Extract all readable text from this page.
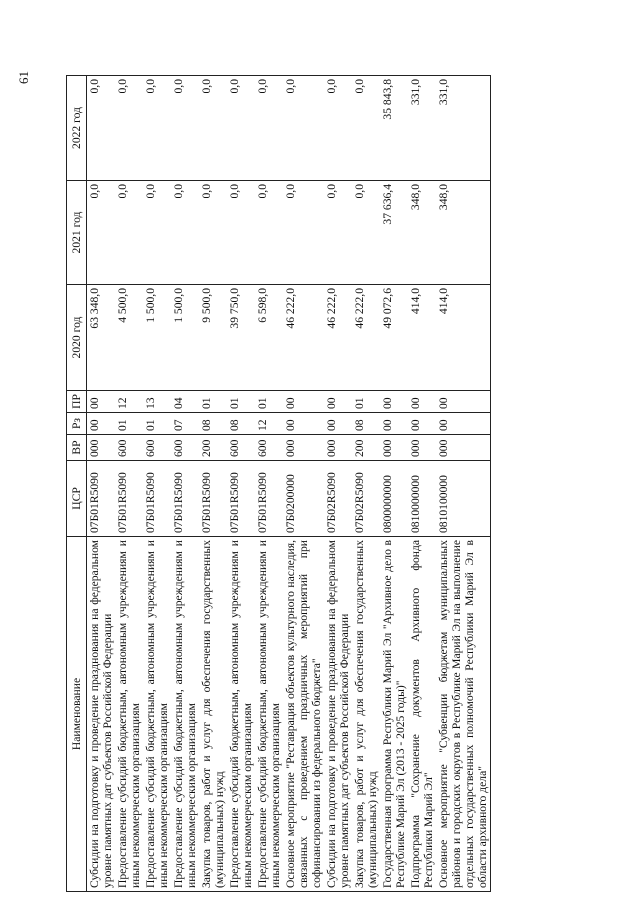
61
Наименование	ЦСР	ВР	Рз	ПР	2020 год	2021 год	2022 год
Субсидии на подготовку и проведение празднования на федеральном уровне памятных дат субъектов Российской Федерации	07Б01R5090	000	00	00	63 348,0	0,0	0,0
Предоставление субсидий бюджетным, автономным учреждениям и иным некоммерческим организациям	07Б01R5090	600	01	12	4 500,0	0,0	0,0
Предоставление субсидий бюджетным, автономным учреждениям и иным некоммерческим организациям	07Б01R5090	600	01	13	1 500,0	0,0	0,0
Предоставление субсидий бюджетным, автономным учреждениям и иным некоммерческим организациям	07Б01R5090	600	07	04	1 500,0	0,0	0,0
Закупка товаров, работ и услуг для обеспечения государственных (муниципальных) нужд	07Б01R5090	200	08	01	9 500,0	0,0	0,0
Предоставление субсидий бюджетным, автономным учреждениям и иным некоммерческим организациям	07Б01R5090	600	08	01	39 750,0	0,0	0,0
Предоставление субсидий бюджетным, автономным учреждениям и иным некоммерческим организациям	07Б01R5090	600	12	01	6 598,0	0,0	0,0
Основное мероприятие "Реставрация объектов культурного наследия, связанных с проведением праздничных мероприятий при софинансировании из федерального бюджета"	07Б0200000	000	00	00	46 222,0	0,0	0,0
Субсидии на подготовку и проведение празднования на федеральном уровне памятных дат субъектов Российской Федерации	07Б02R5090	000	00	00	46 222,0	0,0	0,0
Закупка товаров, работ и услуг для обеспечения государственных (муниципальных) нужд	07Б02R5090	200	08	01	46 222,0	0,0	0,0
Государственная программа Республики Марий Эл "Архивное дело в Республике Марий Эл (2013 - 2025 годы)"	0800000000	000	00	00	49 072,6	37 636,4	35 843,8
Подпрограмма "Сохранение документов Архивного фонда Республики Марий Эл"	0810000000	000	00	00	414,0	348,0	331,0
Основное мероприятие "Субвенции бюджетам муниципальных районов и городских округов в Республике Марий Эл на выполнение отдельных государственных полномочий Республики Марий Эл в области архивного дела"	0810100000	000	00	00	414,0	348,0	331,0
